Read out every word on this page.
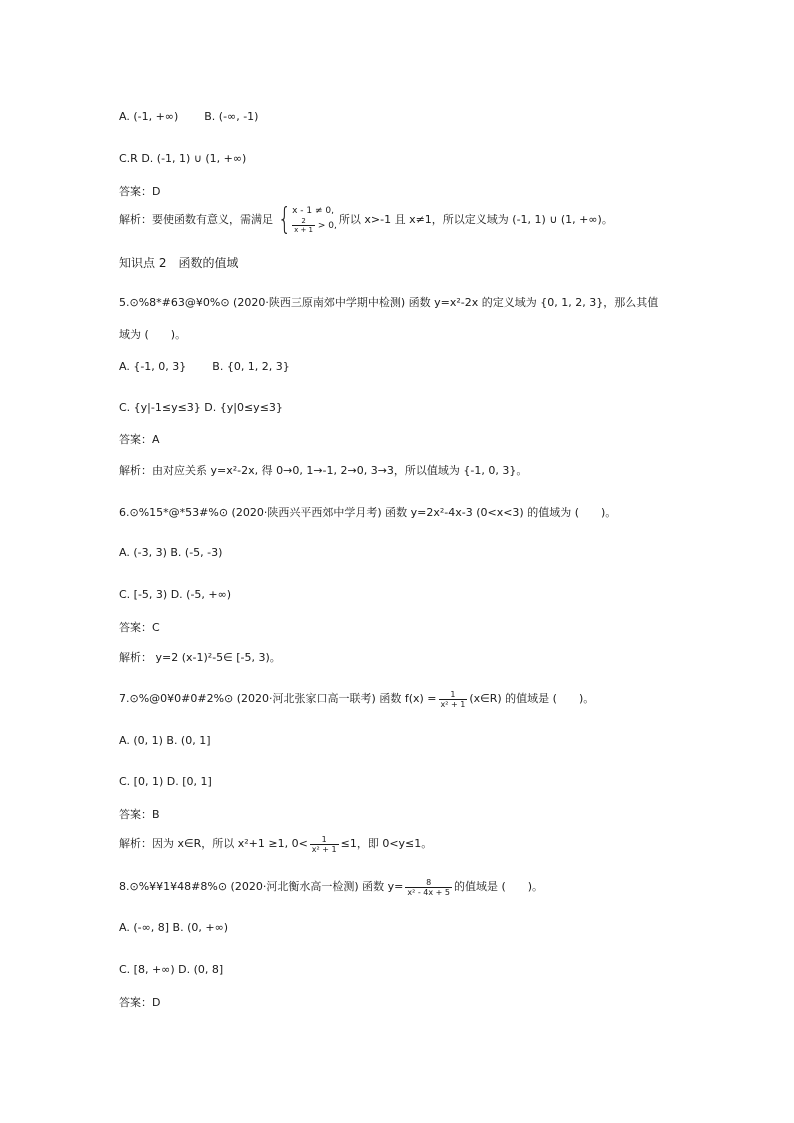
A. (-1, +∞) B. (-∞, -1)
C.R D. (-1, 1) ∪ (1, +∞)
答案：D
解析：要使函数有意义，需满足 { x - 1 ≠ 0,
$\frac{2}{x + 1} > 0$, 所以 x>-1 且 x≠1，所以定义域为 (-1, 1) ∪ (1, +∞)。
知识点 2　函数的值域
5.⊙%8*#63@¥0%⊙ (2020·陕西三原南郊中学期中检测) 函数 y=x²-2x 的定义域为 {0, 1, 2, 3}，那么其值
域为 (　　)。
A. {-1, 0, 3} B. {0, 1, 2, 3}
C. {y|-1≤y≤3} D. {y|0≤y≤3}
答案：A
解析：由对应关系 y=x²-2x, 得 0→0, 1→-1, 2→0, 3→3，所以值域为 {-1, 0, 3}。
6.⊙%15*@*53#%⊙ (2020·陕西兴平西郊中学月考) 函数 y=2x²-4x-3 (0<x<3) 的值域为 (　　)。
A. (-3, 3) B. (-5, -3)
C. [-5, 3) D. (-5, +∞)
答案：C
解析： y=2 (x-1)²-5∈ [-5, 3)。
7.⊙%@0¥0#0#2%⊙ (2020·河北张家口高一联考) 函数 $f(x) = \frac{1}{\text{x² + 1}}$ (x∈R) 的值域是 (　　)。
A. (0, 1) B. (0, 1]
C. [0, 1) D. [0, 1]
答案：B
解析：因为 x∈R，所以 x²+1 ≥1, $0< \frac{1}{\text{x² + 1}} \le 1$，即 0<y≤1。
8.⊙%¥¥1¥48#8%⊙ (2020·河北衡水高一检测) 函数 $y= \frac{8}{\text{x² - 4x + 5}}$ 的值域是 (　　)。
A. (-∞, 8] B. (0, +∞)
C. [8, +∞) D. (0, 8]
答案：D
